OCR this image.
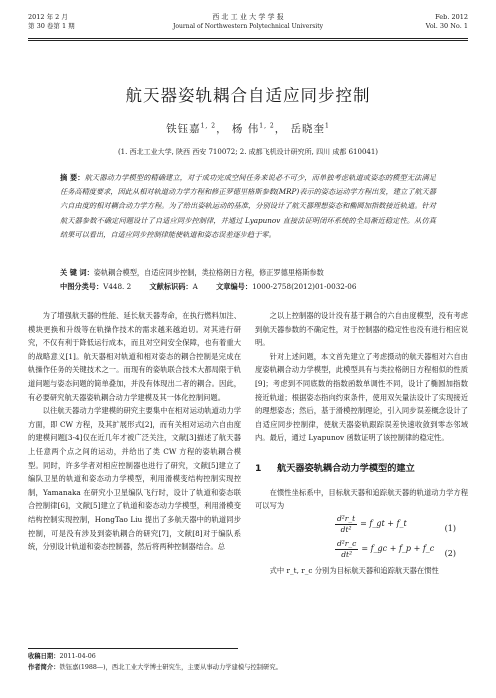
2012 年 2 月
第 30 卷第 1 期
西 北 工 业 大 学 学 报
Journal of Northwestern Polytechnical University
Feb. 2012
Vol. 30 No. 1
航天器姿轨耦合自适应同步控制
铁钰嘉$^{1, 2}$， 杨 伟$^{1, 2}$， 岳晓奎$^1$
(1. 西北工业大学, 陕西 西安 710072; 2. 成都飞机设计研究所, 四川 成都 610041)
摘 要：航天器动力学模型的精确建立，对于成功完成空间任务来说必不可少，而单独考虑轨道或姿态的模型无法满足任务高精度要求，因此从相对轨道动力学方程和修正罗德里格斯参数(MRP)表示的姿态运动学方程出发，建立了航天器六自由度的相对耦合动力学方程。为了给出姿轨运动的基准，分别设计了航天器理想姿态和椭圆加指数接近轨道。针对航天器参数不确定问题设计了自适应同步控制律，并通过 Lyapunov 直接法证明闭环系统的全局渐近稳定性。从仿真结果可以看出，自适应同步控制律能使轨道和姿态误差逐步趋于零。
关 键 词：姿轨耦合模型，自适应同步控制，类拉格朗日方程，修正罗德里格斯参数
中图分类号：V448. 2	文献标识码：A	文章编号：1000-2758(2012)01-0032-06

为了增强航天器的性能、延长航天器寿命，在执行燃料加注、模块更换和升级等在轨操作技术的需求越来越迫切。对其进行研究，不仅有利于降低运行成本，而且对空间安全保障，也有着重大的战略意义[1]。航天器相对轨道和相对姿态的耦合控制是完成在轨操作任务的关键技术之一。而现有的姿轨联合技术大都局限于轨道问题与姿态问题的简单叠加，并没有体现出二者的耦合。因此，有必要研究航天器姿轨耦合动力学建模及其一体化控制问题。

以往航天器动力学建模的研究主要集中在相对运动轨道动力学方面，即 CW 方程，及其扩展形式[2]，而有关相对运动六自由度的建模问题[3-4]仅在近几年才被广泛关注，文献[3]描述了航天器上任意两个点之间的运动，并给出了类 CW 方程的姿轨耦合模型。同时，许多学者对相应控制器也进行了研究，文献[5]建立了编队卫星的轨道和姿态动力学模型，利用滑模变结构控制实现控制，Yamanaka 在研究小卫星编队飞行时，设计了轨道和姿态联合控制律[6]，文献[5]建立了轨道和姿态动力学模型，利用滑模变结构控制实现控制，HongTao Liu 提出了多航天器中的轨道同步控制，可是没有涉及到姿轨耦合的研究[7]，文献[8]对于编队系统，分别设计轨道和姿态控制器，然后将两种控制器结合。总

之以上控制器的设计没有基于耦合的六自由度模型，没有考虑到航天器参数的不确定性，对于控制器的稳定性也没有进行相应说明。

针对上述问题，本文首先建立了考虑摄动的航天器相对六自由度姿轨耦合动力学模型，此模型具有与类拉格朗日方程相似的性质[9]；考虑到不同底数的指数函数单调性不同，设计了椭圆加指数接近轨道；根据姿态指向约束条件，使用双矢量法设计了实现接近的理想姿态；然后，基于滑模控制理论，引入同步误差概念设计了自适应同步控制律，使航天器姿轨跟踪误差快速收敛到零态邻域内。最后，通过 Lyapunov 函数证明了该控制律的稳定性。

1 航天器姿轨耦合动力学模型的建立

在惯性坐标系中，目标航天器和追踪航天器的轨道动力学方程可以写为

$\frac{\text{d²r\_t}}{\text{dt²}}$ = f_gt + f_t	(1)
$\frac{\text{d²r\_c}}{\text{dt²}}$ = f_gc + f_p + f_c (2)

式中 r_t, r_c 分别为目标航天器和追踪航天器在惯性

收稿日期：2011-04-06
作者简介：铁钰嘉(1988—)，西北工业大学博士研究生，主要从事动力学建模与控制研究。
